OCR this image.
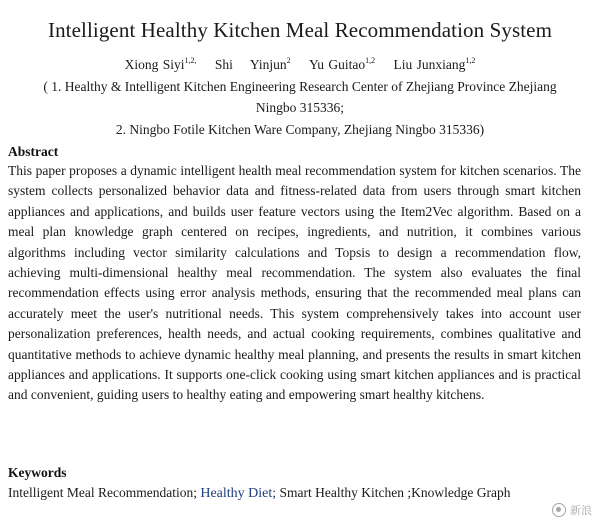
Intelligent Healthy Kitchen Meal Recommendation System
Xiong Siyi$^{1,2,}$ Shi    Yinjun$^2$ Yu Guitao$^{1,2}$ Liu Junxiang$^{1,2}$
( 1. Healthy & Intelligent Kitchen Engineering Research Center of Zhejiang Province Zhejiang
Ningbo 315336;
2. Ningbo Fotile Kitchen Ware Company, Zhejiang Ningbo 315336)
Abstract
This paper proposes a dynamic intelligent health meal recommendation system for kitchen scenarios. The system collects personalized behavior data and fitness-related data from users through smart kitchen appliances and applications, and builds user feature vectors using the Item2Vec algorithm. Based on a meal plan knowledge graph centered on recipes, ingredients, and nutrition, it combines various algorithms including vector similarity calculations and Topsis to design a recommendation flow, achieving multi-dimensional healthy meal recommendation. The system also evaluates the final recommendation effects using error analysis methods, ensuring that the recommended meal plans can accurately meet the user's nutritional needs. This system comprehensively takes into account user personalization preferences, health needs, and actual cooking requirements, combines qualitative and quantitative methods to achieve dynamic healthy meal planning, and presents the results in smart kitchen appliances and applications. It supports one-click cooking using smart kitchen appliances and is practical and convenient, guiding users to healthy eating and empowering smart healthy kitchens.
Keywords
Intelligent Meal Recommendation; Healthy Diet; Smart Healthy Kitchen ;Knowledge Graph
新浪
